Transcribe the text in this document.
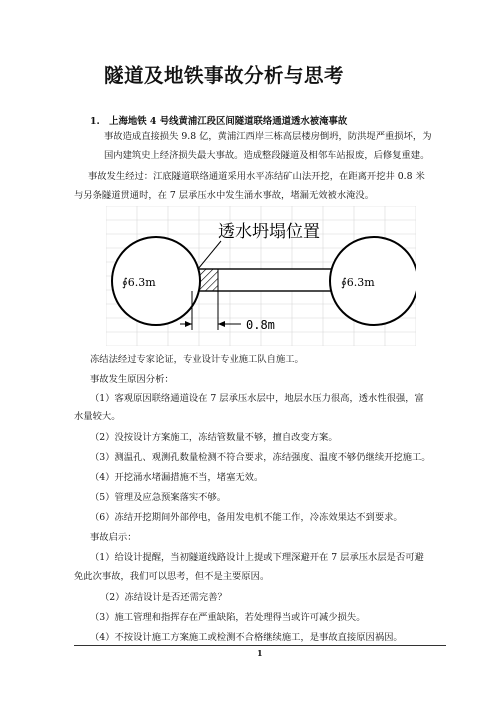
隧道及地铁事故分析与思考
1.　上海地铁 4 号线黄浦江段区间隧道联络通道透水被淹事故
事故造成直接损失 9.8 亿，黄浦江西岸三栋高层楼房倒坍，防洪堤严重损坏，为
国内建筑史上经济损失最大事故。造成整段隧道及相邻车站报废，后修复重建。
事故发生经过：江底隧道联络通道采用水平冻结矿山法开挖，在距离开挖井 0.8 米
与另条隧道贯通时，在 7 层承压水中发生涌水事故，堵漏无效被水淹没。
透水坍塌位置
∮6.3m	∮6.3m
0.8m
冻结法经过专家论证，专业设计专业施工队自施工。
事故发生原因分析：
（1）客观原因联络通道设在 7 层承压水层中，地层水压力很高，透水性很强，富
水量较大。
（2）没按设计方案施工，冻结管数量不够，擅自改变方案。
（3）测温孔、观测孔数量检测不符合要求，冻结强度、温度不够仍继续开挖施工。
（4）开挖涌水堵漏措施不当，堵塞无效。
（5）管理及应急预案落实不够。
（6）冻结开挖期间外部停电，备用发电机不能工作，冷冻效果达不到要求。
事故启示：
（1）给设计提醒，当初隧道线路设计上提或下理深避开在 7 层承压水层是否可避
免此次事故，我们可以思考，但不是主要原因。
（2）冻结设计是否还需完善？
（3）施工管理和指挥存在严重缺陷，若处理得当或许可减少损失。
（4）不按设计施工方案施工或检测不合格继续施工，是事故直接原因祸因。
1
